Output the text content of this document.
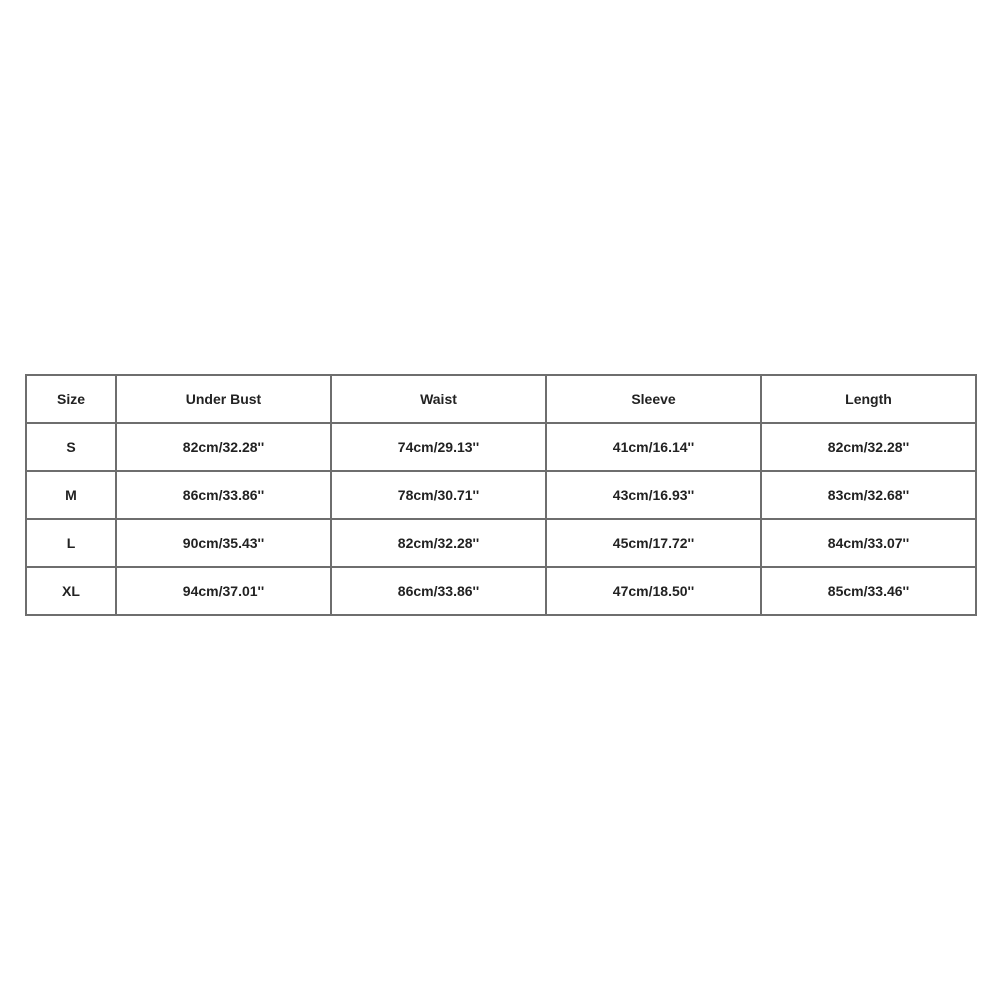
Size	Under Bust	Waist	Sleeve	Length
S	82cm/32.28''	74cm/29.13''	41cm/16.14''	82cm/32.28''
M	86cm/33.86''	78cm/30.71''	43cm/16.93''	83cm/32.68''
L	90cm/35.43''	82cm/32.28''	45cm/17.72''	84cm/33.07''
XL	94cm/37.01''	86cm/33.86''	47cm/18.50''	85cm/33.46''
